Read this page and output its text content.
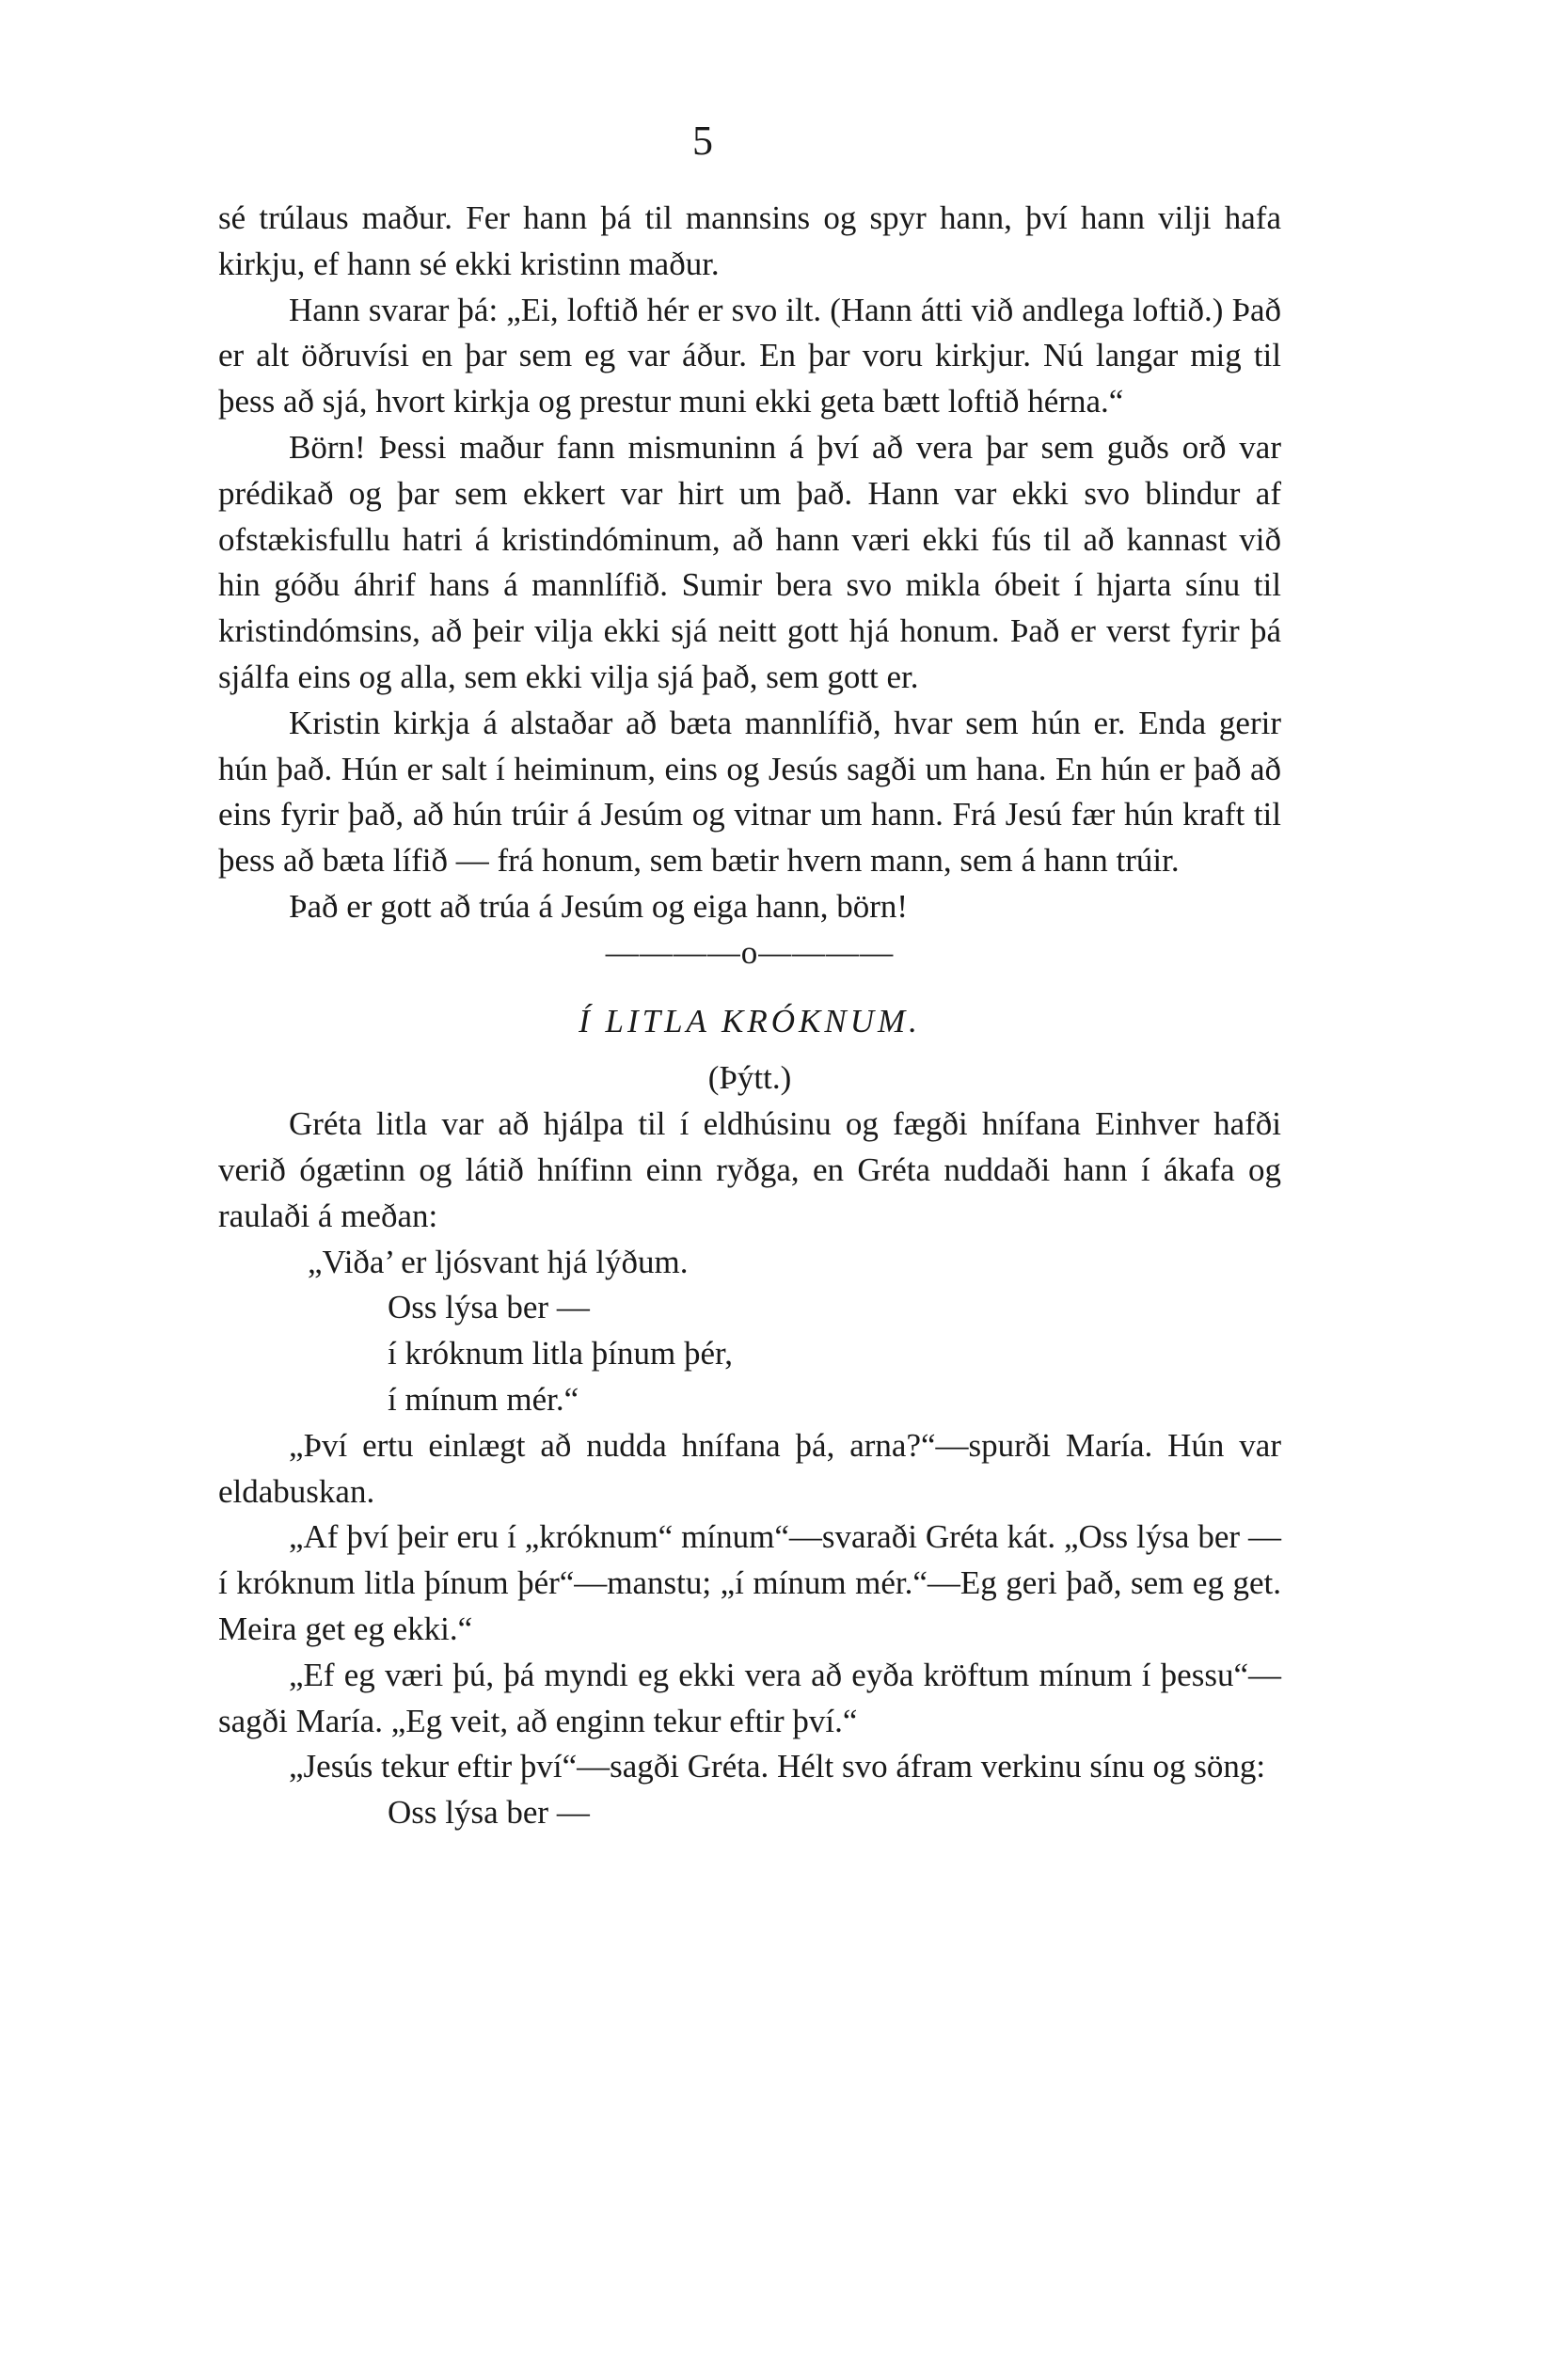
5

sé trúlaus maður. Fer hann þá til mannsins og spyr hann, því hann vilji hafa kirkju, ef hann sé ekki kristinn maður.

Hann svarar þá: „Ei, loftið hér er svo ilt. (Hann átti við andlega loftið.) Það er alt öðruvísi en þar sem eg var áður. En þar voru kirkjur. Nú langar mig til þess að sjá, hvort kirkja og prestur muni ekki geta bætt loftið hérna.“

Börn! Þessi maður fann mismuninn á því að vera þar sem guðs orð var prédikað og þar sem ekkert var hirt um það. Hann var ekki svo blindur af ofstækisfullu hatri á kristindóminum, að hann væri ekki fús til að kannast við hin góðu áhrif hans á mannlífið. Sumir bera svo mikla óbeit í hjarta sínu til kristindómsins, að þeir vilja ekki sjá neitt gott hjá honum. Það er verst fyrir þá sjálfa eins og alla, sem ekki vilja sjá það, sem gott er.

Kristin kirkja á alstaðar að bæta mannlífið, hvar sem hún er. Enda gerir hún það. Hún er salt í heiminum, eins og Jesús sagði um hana. En hún er það að eins fyrir það, að hún trúir á Jesúm og vitnar um hann. Frá Jesú fær hún kraft til þess að bæta lífið — frá honum, sem bætir hvern mann, sem á hann trúir.

Það er gott að trúa á Jesúm og eiga hann, börn!

————o————

Í LITLA KRÓKNUM.

(Þýtt.)

Gréta litla var að hjálpa til í eldhúsinu og fægði hnífana Einhver hafði verið ógætinn og látið hnífinn einn ryðga, en Gréta nuddaði hann í ákafa og raulaði á meðan:

„Viða’ er ljósvant hjá lýðum.

Oss lýsa ber —

í króknum litla þínum þér,

í mínum mér.“

„Því ertu einlægt að nudda hnífana þá, arna?“—spurði María. Hún var eldabuskan.

„Af því þeir eru í „króknum“ mínum“—svaraði Gréta kát. „Oss lýsa ber — í króknum litla þínum þér“—manstu; „í mínum mér.“—Eg geri það, sem eg get. Meira get eg ekki.“

„Ef eg væri þú, þá myndi eg ekki vera að eyða kröftum mínum í þessu“—sagði María. „Eg veit, að enginn tekur eftir því.“

„Jesús tekur eftir því“—sagði Gréta. Hélt svo áfram verkinu sínu og söng:

Oss lýsa ber —
